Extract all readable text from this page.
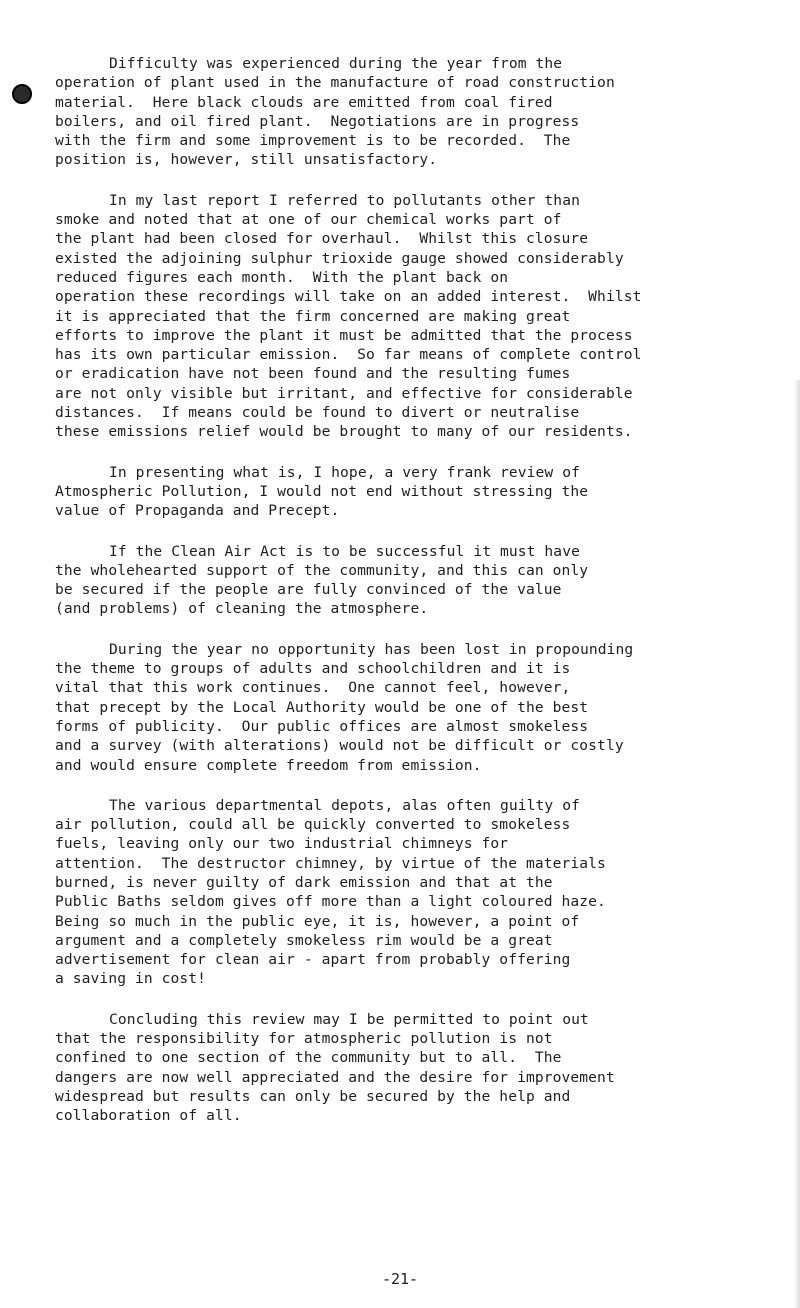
Difficulty was experienced during the year from the
operation of plant used in the manufacture of road construction
material.  Here black clouds are emitted from coal fired
boilers, and oil fired plant.  Negotiations are in progress
with the firm and some improvement is to be recorded.  The
position is, however, still unsatisfactory.
In my last report I referred to pollutants other than
smoke and noted that at one of our chemical works part of
the plant had been closed for overhaul.  Whilst this closure
existed the adjoining sulphur trioxide gauge showed considerably
reduced figures each month.  With the plant back on
operation these recordings will take on an added interest.  Whilst
it is appreciated that the firm concerned are making great
efforts to improve the plant it must be admitted that the process
has its own particular emission.  So far means of complete control
or eradication have not been found and the resulting fumes
are not only visible but irritant, and effective for considerable
distances.  If means could be found to divert or neutralise
these emissions relief would be brought to many of our residents.
In presenting what is, I hope, a very frank review of
Atmospheric Pollution, I would not end without stressing the
value of Propaganda and Precept.
If the Clean Air Act is to be successful it must have
the wholehearted support of the community, and this can only
be secured if the people are fully convinced of the value
(and problems) of cleaning the atmosphere.
During the year no opportunity has been lost in propounding
the theme to groups of adults and schoolchildren and it is
vital that this work continues.  One cannot feel, however,
that precept by the Local Authority would be one of the best
forms of publicity.  Our public offices are almost smokeless
and a survey (with alterations) would not be difficult or costly
and would ensure complete freedom from emission.
The various departmental depots, alas often guilty of
air pollution, could all be quickly converted to smokeless
fuels, leaving only our two industrial chimneys for
attention.  The destructor chimney, by virtue of the materials
burned, is never guilty of dark emission and that at the
Public Baths seldom gives off more than a light coloured haze.
Being so much in the public eye, it is, however, a point of
argument and a completely smokeless rim would be a great
advertisement for clean air - apart from probably offering
a saving in cost!
Concluding this review may I be permitted to point out
that the responsibility for atmospheric pollution is not
confined to one section of the community but to all.  The
dangers are now well appreciated and the desire for improvement
widespread but results can only be secured by the help and
collaboration of all.
-21-
